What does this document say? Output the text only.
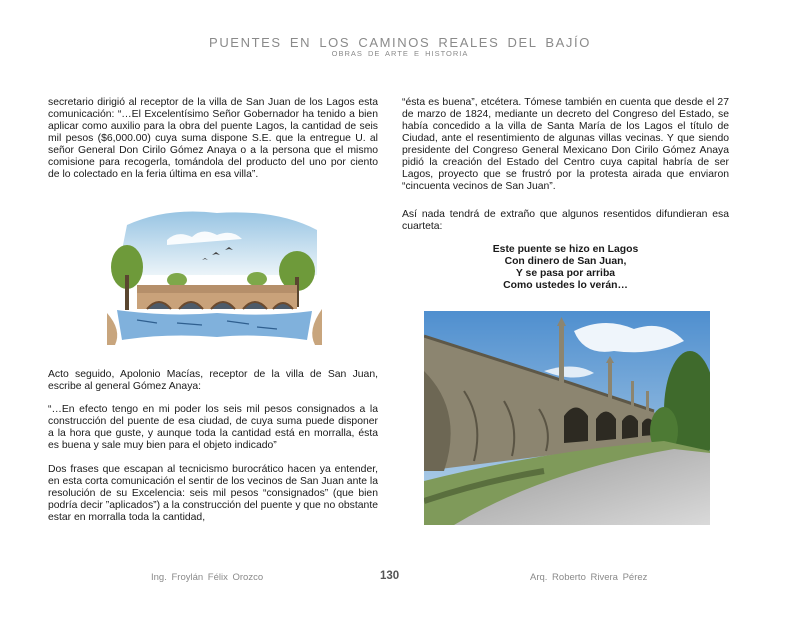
PUENTES EN LOS CAMINOS REALES DEL BAJÍO
OBRAS DE ARTE E HISTORIA

secretario dirigió al receptor de la villa de San Juan de los Lagos esta comunicación: “…El Excelentísimo Señor Gobernador ha tenido a bien aplicar como auxilio para la obra del puente Lagos, la cantidad de seis mil pesos ($6,000.00) cuya suma dispone S.E. que la entregue U. al señor General Don Cirilo Gómez Anaya o a la persona que el mismo comisione para recogerla, tomándola del producto del uno por ciento de lo colectado en la feria última en esa villa”.

Acto seguido, Apolonio Macías, receptor de la villa de San Juan, escribe al general Gómez Anaya:

“…En efecto tengo en mi poder los seis mil pesos consignados a la construcción del puente de esa ciudad, de cuya suma puede disponer a la hora que guste, y aunque toda la cantidad está en morralla, ésta es buena y sale muy bien para el objeto indicado”

Dos frases que escapan al tecnicismo burocrático hacen ya entender, en esta corta comunicación el sentir de los vecinos de San Juan ante la resolución de su Excelencia: seis mil pesos “consignados” (que bien podría decir ”aplicados”) a la construcción del puente y que no obstante estar en morralla toda la cantidad,

“ésta es buena”, etcétera. Tómese también en cuenta que desde el 27 de marzo de 1824, mediante un decreto del Congreso del Estado, se había concedido a la villa de Santa María de los Lagos el título de Ciudad, ante el resentimiento de algunas villas vecinas. Y que siendo presidente del Congreso General Mexicano Don Cirilo Gómez Anaya pidió la creación del Estado del Centro cuya capital habría de ser Lagos, proyecto que se frustró por la protesta airada que enviaron “cincuenta vecinos de San Juan”.

Así nada tendrá de extraño que algunos resentidos difundieran esa cuarteta:

Este puente se hizo en Lagos
Con dinero de San Juan,
Y se pasa por arriba
Como ustedes lo verán…
Ing. Froylán Félix Orozco	130	Arq. Roberto Rivera Pérez
